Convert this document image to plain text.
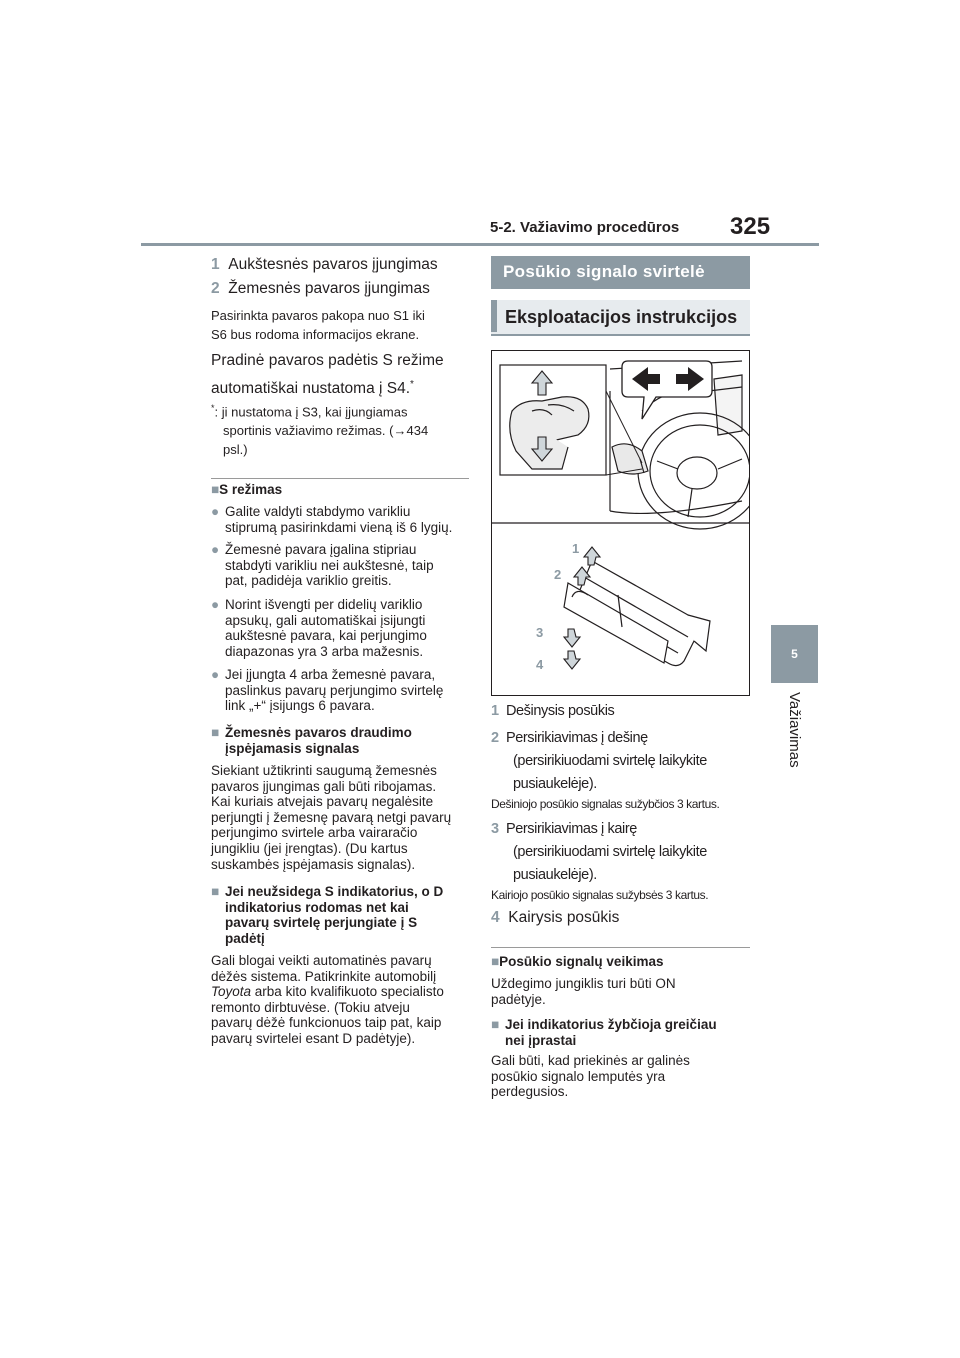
5-2. Važiavimo procedūros 325
5
Važiavimas
1 Aukštesnės pavaros įjungimas
2 Žemesnės pavaros įjungimas
Pasirinkta pavaros pakopa nuo S1 iki
S6 bus rodoma informacijos ekrane.
Pradinė pavaros padėtis S režime
automatiškai nustatoma į S4.*
*: ji nustatoma į S3, kai įjungiamas
sportinis važiavimo režimas. (→434
psl.)
■S režimas
● Galite valdyti stabdymo varikliu
stiprumą pasirinkdami vieną iš 6 lygių.
● Žemesnė pavara įgalina stipriau
stabdyti varikliu nei aukštesnė, taip
pat, padidėja variklio greitis.
● Norint išvengti per didelių variklio
apsukų, gali automatiškai įsijungti
aukštesnė pavara, kai perjungimo
diapazonas yra 3 arba mažesnis.
● Jei įjungta 4 arba žemesnė pavara,
paslinkus pavarų perjungimo svirtelę
link „+“ įsijungs 6 pavara.
■ Žemesnės pavaros draudimo
įspėjamasis signalas
Siekiant užtikrinti saugumą žemesnės
pavaros įjungimas gali būti ribojamas.
Kai kuriais atvejais pavarų negalėsite
perjungti į žemesnę pavarą netgi pavarų
perjungimo svirtele arba vairaračio
jungikliu (jei įrengtas). (Du kartus
suskambės įspėjamasis signalas).
■ Jei neužsidega S indikatorius, o D
indikatorius rodomas net kai
pavarų svirtelę perjungiate į S
padėtį
Gali blogai veikti automatinės pavarų
dėžės sistema. Patikrinkite automobilį
Toyota arba kito kvalifikuoto specialisto
remonto dirbtuvėse. (Tokiu atveju
pavarų dėžė funkcionuos taip pat, kaip
pavarų svirtelei esant D padėtyje).
Posūkio signalo svirtelė
Eksploatacijos instrukcijos
1
2
3
4
1 Dešinysis posūkis
2 Persirikiavimas į dešinę
(persirikiuodami svirtelę laikykite
pusiaukelėje).
Dešiniojo posūkio signalas sužybčios 3 kartus.
3 Persirikiavimas į kairę
(persirikiuodami svirtelę laikykite
pusiaukelėje).
Kairiojo posūkio signalas sužybsės 3 kartus.
4 Kairysis posūkis
■Posūkio signalų veikimas
Uždegimo jungiklis turi būti ON
padėtyje.
■ Jei indikatorius žybčioja greičiau
nei įprastai
Gali būti, kad priekinės ar galinės
posūkio signalo lemputės yra
perdegusios.
